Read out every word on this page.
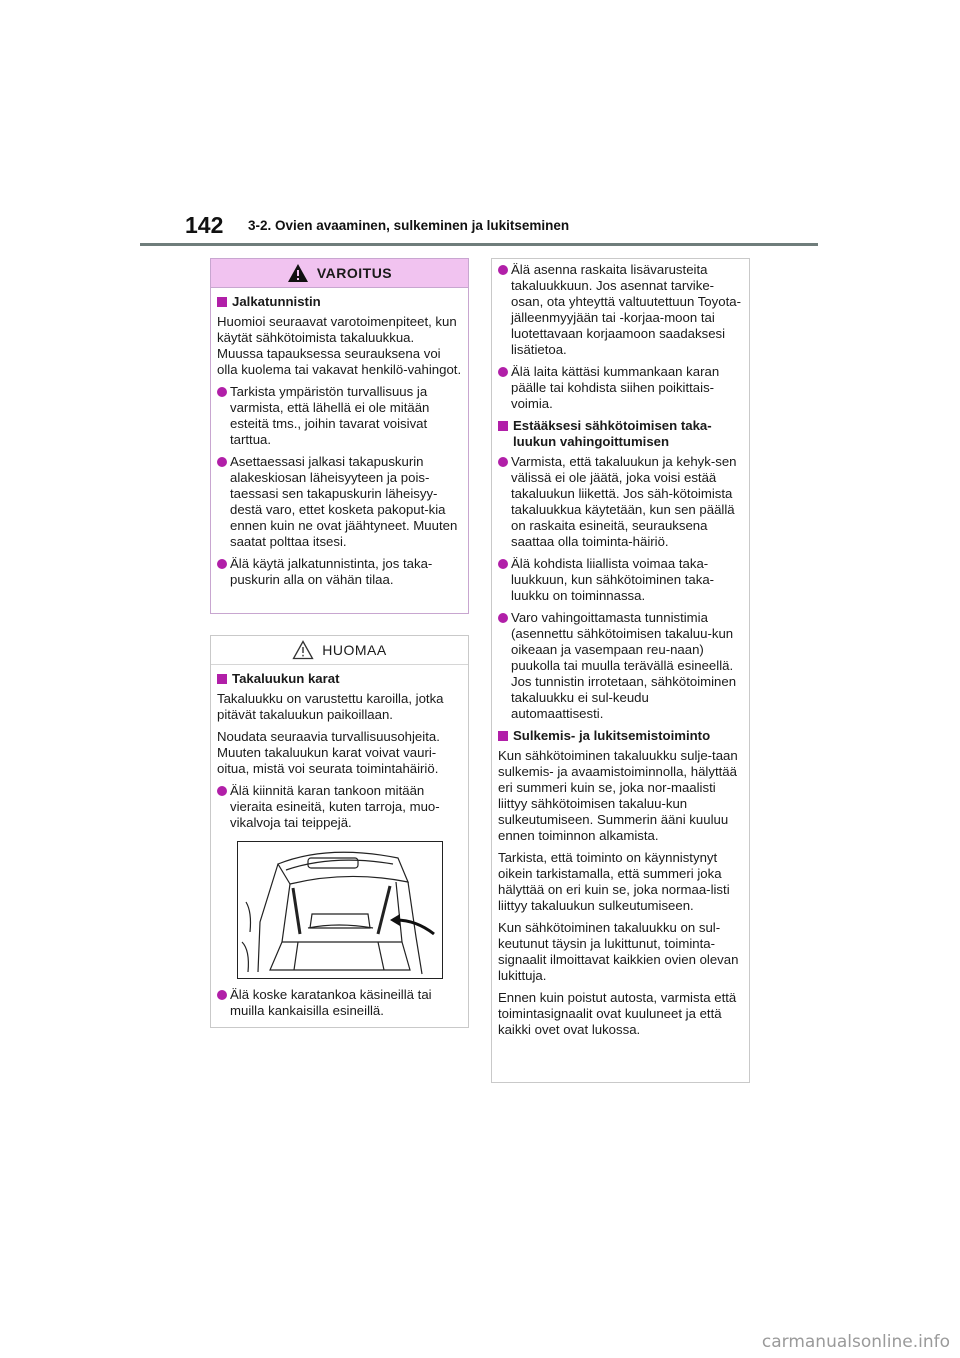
142 3-2. Ovien avaaminen, sulkeminen ja lukitseminen
VAROITUS
Jalkatunnistin
Huomioi seuraavat varotoimenpiteet, kun käytät sähkötoimista takaluukkua. Muussa tapauksessa seurauksena voi olla kuolema tai vakavat henkilö-vahingot.
Tarkista ympäristön turvallisuus ja varmista, että lähellä ei ole mitään esteitä tms., joihin tavarat voisivat tarttua.
Asettaessasi jalkasi takapuskurin alakeskiosan läheisyyteen ja pois-taessasi sen takapuskurin läheisyy-destä varo, ettet kosketa pakoput-kia ennen kuin ne ovat jäähtyneet. Muuten saatat polttaa itsesi.
Älä käytä jalkatunnistinta, jos taka-puskurin alla on vähän tilaa.
HUOMAA
Takaluukun karat
Takaluukku on varustettu karoilla, jotka pitävät takaluukun paikoillaan.
Noudata seuraavia turvallisuusohjeita. Muuten takaluukun karat voivat vauri-oitua, mistä voi seurata toimintahäiriö.
Älä kiinnitä karan tankoon mitään vieraita esineitä, kuten tarroja, muo-vikalvoja tai teippejä.
Älä koske karatankoa käsineillä tai muilla kankaisilla esineillä.
Älä asenna raskaita lisävarusteita takaluukkuun. Jos asennat tarvike-osan, ota yhteyttä valtuutettuun Toyota-jälleenmyyjään tai -korjaa-moon tai luotettavaan korjaamoon saadaksesi lisätietoa.
Älä laita kättäsi kummankaan karan päälle tai kohdista siihen poikittais-voimia.
Estääksesi sähkötoimisen taka-luukun vahingoittumisen
Varmista, että takaluukun ja kehyk-sen välissä ei ole jäätä, joka voisi estää takaluukun liikettä. Jos säh-kötoimista takaluukkua käytetään, kun sen päällä on raskaita esineitä, seurauksena saattaa olla toiminta-häiriö.
Älä kohdista liiallista voimaa taka-luukkuun, kun sähkötoiminen taka-luukku on toiminnassa.
Varo vahingoittamasta tunnistimia (asennettu sähkötoimisen takaluu-kun oikeaan ja vasempaan reu-naan) puukolla tai muulla terävällä esineellä. Jos tunnistin irrotetaan, sähkötoiminen takaluukku ei sul-keudu automaattisesti.
Sulkemis- ja lukitsemistoiminto
Kun sähkötoiminen takaluukku sulje-taan sulkemis- ja avaamistoiminnolla, hälyttää eri summeri kuin se, joka nor-maalisti liittyy sähkötoimisen takaluu-kun sulkeutumiseen. Summerin ääni kuuluu ennen toiminnon alkamista.
Tarkista, että toiminto on käynnistynyt oikein tarkistamalla, että summeri joka hälyttää on eri kuin se, joka normaa-listi liittyy takaluukun sulkeutumiseen.
Kun sähkötoiminen takaluukku on sul-keutunut täysin ja lukittunut, toiminta-signaalit ilmoittavat kaikkien ovien olevan lukittuja.
Ennen kuin poistut autosta, varmista että toimintasignaalit ovat kuuluneet ja että kaikki ovet ovat lukossa.
carmanualsonline.info
